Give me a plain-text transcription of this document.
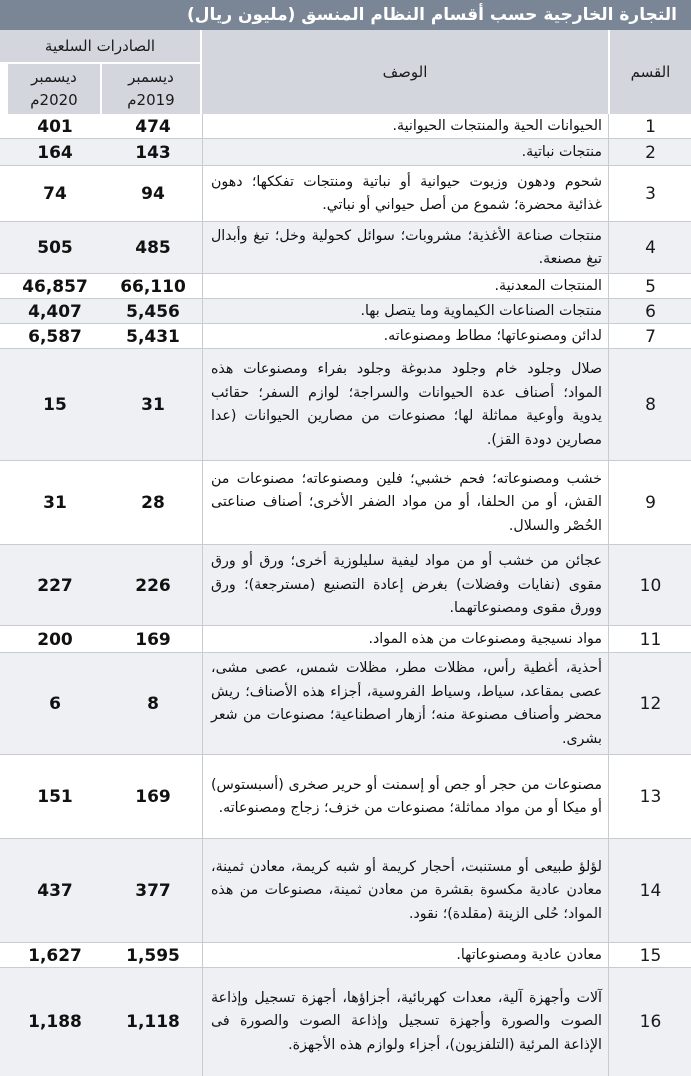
التجارة الخارجية حسب أقسام النظام المنسق (مليون ريال)
القسم
الوصف
الصادرات السلعية
ديسمبر 2019م
ديسمبر 2020م
1
الحيوانات الحية والمنتجات الحيوانية.
474
401
2
منتجات نباتية.
143
164
3
شحوم ودهون وزيوت حيوانية أو نباتية ومنتجات تفككها؛ دهون غذائية محضرة؛ شموع من أصل حيواني أو نباتي.
94
74
4
منتجات صناعة الأغذية؛ مشروبات؛ سوائل كحولية وخل؛ تبغ وأبدال تبغ مصنعة.
485
505
5
المنتجات المعدنية.
66,110
46,857
6
منتجات الصناعات الكيماوية وما يتصل بها.
5,456
4,407
7
لدائن ومصنوعاتها؛ مطاط ومصنوعاته.
5,431
6,587
8
صلال وجلود خام وجلود مدبوغة وجلود بفراء ومصنوعات هذه المواد؛ أصناف عدة الحيوانات والسراجة؛ لوازم السفر؛ حقائب يدوية وأوعية مماثلة لها؛ مصنوعات من مصارين الحيوانات (عدا مصارين دودة القز).
31
15
9
خشب ومصنوعاته؛ فحم خشبي؛ فلين ومصنوعاته؛ مصنوعات من القش، أو من الحلفا، أو من مواد الضفر الأخرى؛ أصناف صناعتى الحُصْر والسلال.
28
31
10
عجائن من خشب أو من مواد ليفية سليلوزية أخرى؛ ورق أو ورق مقوى (نفايات وفضلات) بغرض إعادة التصنيع (مسترجعة)؛ ورق وورق مقوى ومصنوعاتهما.
226
227
11
مواد نسيجية ومصنوعات من هذه المواد.
169
200
12
أحذية، أغطية رأس، مظلات مطر، مظلات شمس، عصى مشى، عصى بمقاعد، سياط، وسياط الفروسية، أجزاء هذه الأصناف؛ ريش محضر وأصناف مصنوعة منه؛ أزهار اصطناعية؛ مصنوعات من شعر بشرى.
8
6
13
مصنوعات من حجر أو جص أو إسمنت أو حرير صخرى (أسبستوس) أو ميكا أو من مواد مماثلة؛ مصنوعات من خزف؛ زجاج ومصنوعاته.
169
151
14
لؤلؤ طبيعى أو مستنبت، أحجار كريمة أو شبه كريمة، معادن ثمينة، معادن عادية مكسوة بقشرة من معادن ثمينة، مصنوعات من هذه المواد؛ حُلى الزينة (مقلدة)؛ نقود.
377
437
15
معادن عادية ومصنوعاتها.
1,595
1,627
16
آلات وأجهزة آلية، معدات كهربائية، أجزاؤها، أجهزة تسجيل وإذاعة الصوت والصورة وأجهزة تسجيل وإذاعة الصوت والصورة فى الإذاعة المرئية (التلفزيون)، أجزاء ولوازم هذه الأجهزة.
1,118
1,188
